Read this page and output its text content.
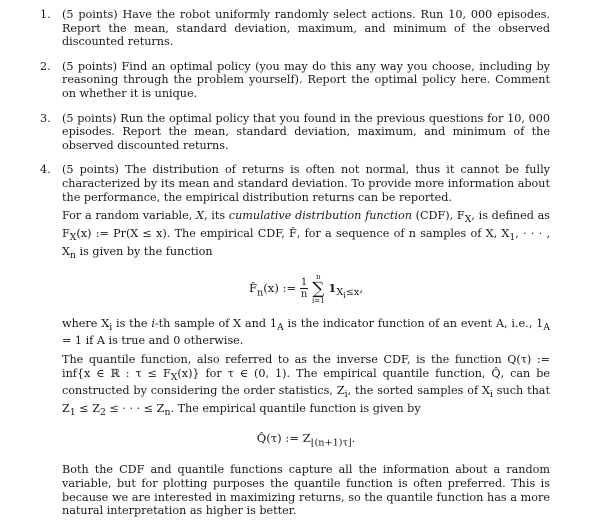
1. (5 points) Have the robot uniformly randomly select actions. Run 10, 000 episodes. Report the mean, standard deviation, maximum, and minimum of the observed discounted returns.

2. (5 points) Find an optimal policy (you may do this any way you choose, including by reasoning through the problem yourself). Report the optimal policy here. Comment on whether it is unique.

3. (5 points) Run the optimal policy that you found in the previous questions for 10, 000 episodes. Report the mean, standard deviation, maximum, and minimum of the observed discounted returns.

4. (5 points) The distribution of returns is often not normal, thus it cannot be fully characterized by its mean and standard deviation. To provide more information about the performance, the empirical distribution returns can be reported.

For a random variable, X, its cumulative distribution function (CDF), $F_X$, is defined as $F_X(x)$ := Pr(X ≤ x). The empirical CDF, F̂, for a sequence of n samples of X, $X_1$, · · · , $X_n$ is given by the function

$F̂_n(x)$ := $\frac{1}{n}$

n
∑
i=1
$1_{X_i\le x}$,

where $X_i$ is the i-th sample of X and $1_A$ is the indicator function of an event A, i.e., $1_A = 1$ if A is true and 0 otherwise.

The quantile function, also referred to as the inverse CDF, is the function Q(τ) := inf{x ∈ ℝ : $\tau \le F_X(x)$} for τ ∈ (0, 1). The empirical quantile function, Q̂, can be constructed by considering the order statistics, $Z_i$, the sorted samples of $X_i$ such that $Z_1 \le Z_2$ ≤ · · · ≤ $Z_n$. The empirical quantile function is given by

Q̂(τ) := $Z_{⌊(n+1)\tau⌋}$.

Both the CDF and quantile functions capture all the information about a random variable, but for plotting purposes the quantile function is often preferred. This is because we are interested in maximizing returns, so the quantile function has a more natural interpretation as higher is better.
